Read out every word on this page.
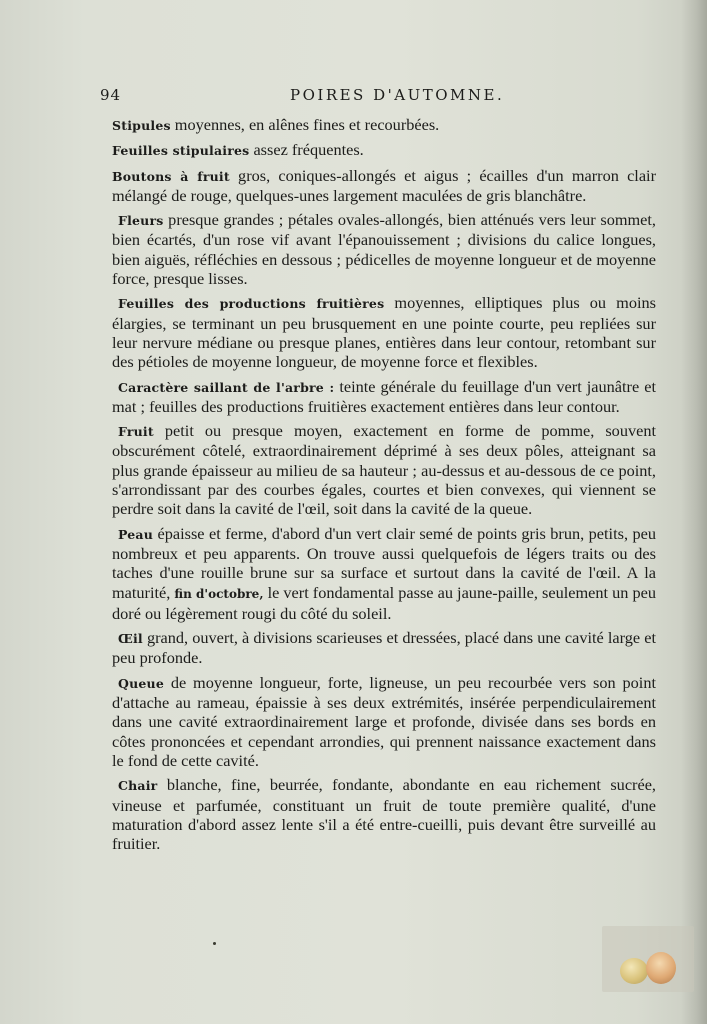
94	POIRES D'AUTOMNE.

Stipules moyennes, en alênes fines et recourbées.

Feuilles stipulaires assez fréquentes.

Boutons à fruit gros, coniques-allongés et aigus ; écailles d'un marron clair mélangé de rouge, quelques-unes largement maculées de gris blanchâtre.

Fleurs presque grandes ; pétales ovales-allongés, bien atténués vers leur sommet, bien écartés, d'un rose vif avant l'épanouissement ; divisions du calice longues, bien aiguës, réfléchies en dessous ; pédicelles de moyenne longueur et de moyenne force, presque lisses.

Feuilles des productions fruitières moyennes, elliptiques plus ou moins élargies, se terminant un peu brusquement en une pointe courte, peu repliées sur leur nervure médiane ou presque planes, entières dans leur contour, retombant sur des pétioles de moyenne longueur, de moyenne force et flexibles.

Caractère saillant de l'arbre : teinte générale du feuillage d'un vert jaunâtre et mat ; feuilles des productions fruitières exactement entières dans leur contour.

Fruit petit ou presque moyen, exactement en forme de pomme, souvent obscurément côtelé, extraordinairement déprimé à ses deux pôles, atteignant sa plus grande épaisseur au milieu de sa hauteur ; au-dessus et au-dessous de ce point, s'arrondissant par des courbes égales, courtes et bien convexes, qui viennent se perdre soit dans la cavité de l'œil, soit dans la cavité de la queue.

Peau épaisse et ferme, d'abord d'un vert clair semé de points gris brun, petits, peu nombreux et peu apparents. On trouve aussi quelquefois de légers traits ou des taches d'une rouille brune sur sa surface et surtout dans la cavité de l'œil. A la maturité, fin d'octobre, le vert fondamental passe au jaune-paille, seulement un peu doré ou légèrement rougi du côté du soleil.

Œil grand, ouvert, à divisions scarieuses et dressées, placé dans une cavité large et peu profonde.

Queue de moyenne longueur, forte, ligneuse, un peu recourbée vers son point d'attache au rameau, épaissie à ses deux extrémités, insérée perpendiculairement dans une cavité extraordinairement large et profonde, divisée dans ses bords en côtes prononcées et cependant arrondies, qui prennent naissance exactement dans le fond de cette cavité.

Chair blanche, fine, beurrée, fondante, abondante en eau richement sucrée, vineuse et parfumée, constituant un fruit de toute première qualité, d'une maturation d'abord assez lente s'il a été entre-cueilli, puis devant être surveillé au fruitier.
